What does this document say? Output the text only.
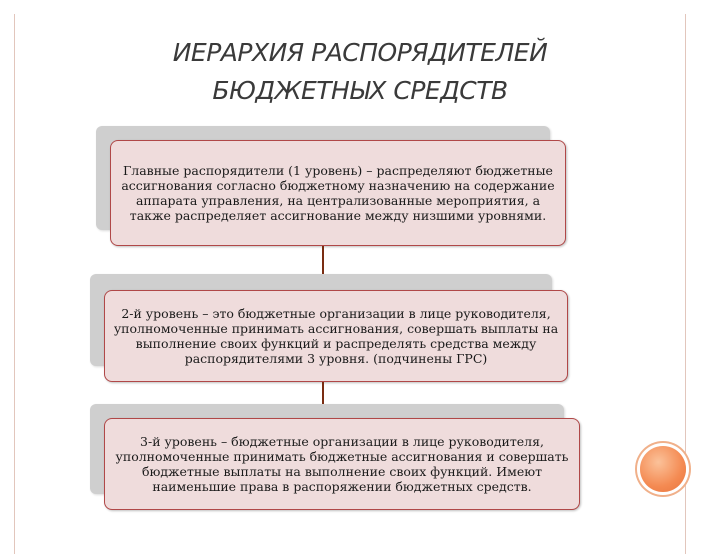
ИЕРАРХИЯ РАСПОРЯДИТЕЛЕЙ
БЮДЖЕТНЫХ СРЕДСТВ
Главные распорядители (1 уровень) – распределяют бюджетные ассигнования согласно бюджетному назначению на содержание аппарата управления, на централизованные мероприятия, а также распределяет ассигнование между низшими уровнями.
2-й уровень – это бюджетные организации в лице руководителя, уполномоченные принимать ассигнования, совершать выплаты на выполнение своих функций и распределять средства между распорядителями 3 уровня. (подчинены ГРС)
3-й уровень – бюджетные организации в лице руководителя, уполномоченные принимать бюджетные ассигнования и совершать бюджетные выплаты на выполнение своих функций. Имеют наименьшие права в распоряжении бюджетных средств.
